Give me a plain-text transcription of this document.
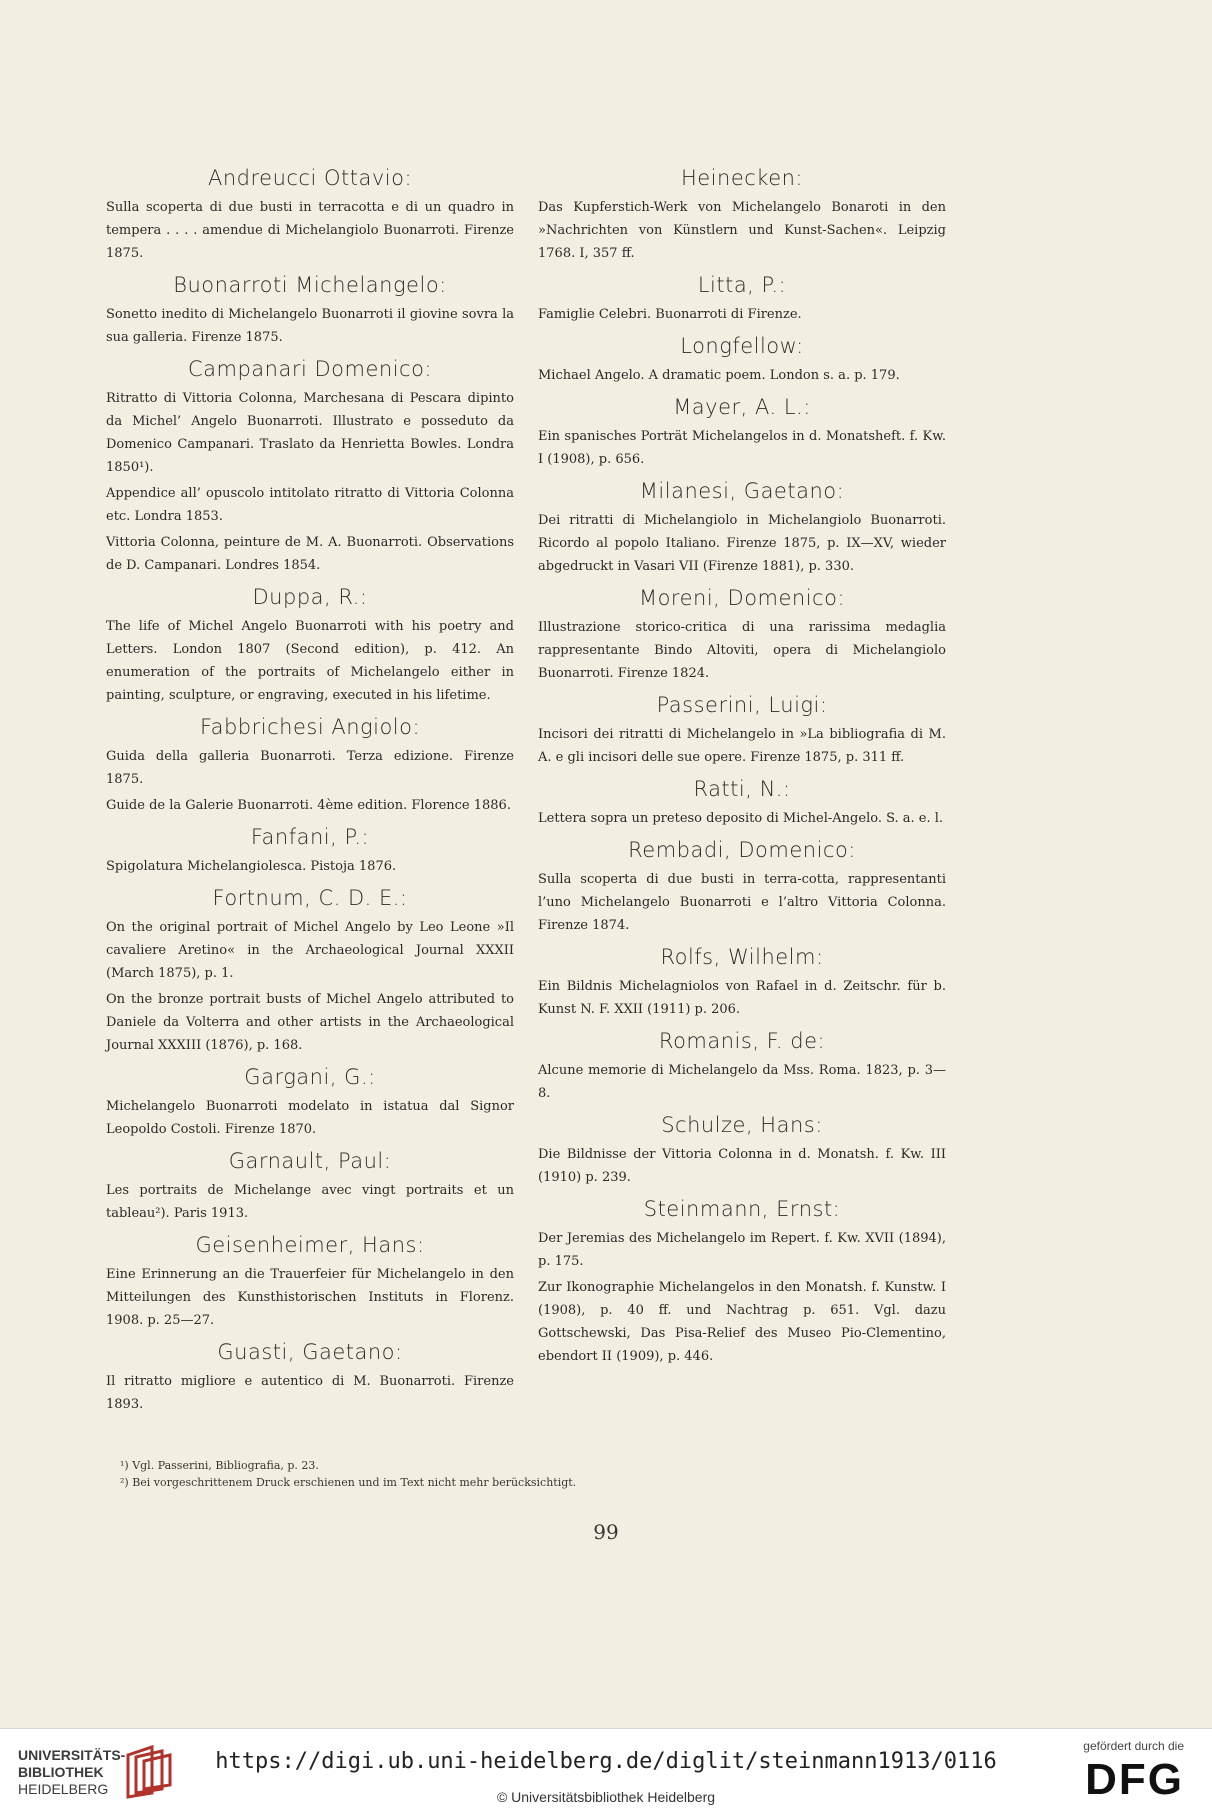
Andreucci Ottavio:
Sulla scoperta di due busti in terracotta e di un quadro in tempera . . . . amendue di Michelangiolo Buonarroti. Firenze 1875.
Buonarroti Michelangelo:
Sonetto inedito di Michelangelo Buonarroti il giovine sovra la sua galleria. Firenze 1875.
Campanari Domenico:
Ritratto di Vittoria Colonna, Marchesana di Pescara dipinto da Michel’ Angelo Buonarroti. Illustrato e posseduto da Domenico Campanari. Traslato da Henrietta Bowles. Londra 1850¹).
Appendice all’ opuscolo intitolato ritratto di Vittoria Colonna etc. Londra 1853.
Vittoria Colonna, peinture de M. A. Buonarroti. Observations de D. Campanari. Londres 1854.
Duppa, R.:
The life of Michel Angelo Buonarroti with his poetry and Letters. London 1807 (Second edition), p. 412. An enumeration of the portraits of Michelangelo either in painting, sculpture, or engraving, executed in his lifetime.
Fabbrichesi Angiolo:
Guida della galleria Buonarroti. Terza edizione. Firenze 1875.
Guide de la Galerie Buonarroti. 4ème edition. Florence 1886.
Fanfani, P.:
Spigolatura Michelangiolesca. Pistoja 1876.
Fortnum, C. D. E.:
On the original portrait of Michel Angelo by Leo Leone »Il cavaliere Aretino« in the Archaeological Journal XXXII (March 1875), p. 1.
On the bronze portrait busts of Michel Angelo attributed to Daniele da Volterra and other artists in the Archaeological Journal XXXIII (1876), p. 168.
Gargani, G.:
Michelangelo Buonarroti modelato in istatua dal Signor Leopoldo Costoli. Firenze 1870.
Garnault, Paul:
Les portraits de Michelange avec vingt portraits et un tableau²). Paris 1913.
Geisenheimer, Hans:
Eine Erinnerung an die Trauerfeier für Michelangelo in den Mitteilungen des Kunsthistorischen Instituts in Florenz. 1908. p. 25—27.
Guasti, Gaetano:
Il ritratto migliore e autentico di M. Buonarroti. Firenze 1893.
Heinecken:
Das Kupferstich-Werk von Michelangelo Bonaroti in den »Nachrichten von Künstlern und Kunst-Sachen«. Leipzig 1768. I, 357 ff.
Litta, P.:
Famiglie Celebri. Buonarroti di Firenze.
Longfellow:
Michael Angelo. A dramatic poem. London s. a. p. 179.
Mayer, A. L.:
Ein spanisches Porträt Michelangelos in d. Monatsheft. f. Kw. I (1908), p. 656.
Milanesi, Gaetano:
Dei ritratti di Michelangiolo in Michelangiolo Buonarroti. Ricordo al popolo Italiano. Firenze 1875, p. IX—XV, wieder abgedruckt in Vasari VII (Firenze 1881), p. 330.
Moreni, Domenico:
Illustrazione storico-critica di una rarissima medaglia rappresentante Bindo Altoviti, opera di Michelangiolo Buonarroti. Firenze 1824.
Passerini, Luigi:
Incisori dei ritratti di Michelangelo in »La bibliografia di M. A. e gli incisori delle sue opere. Firenze 1875, p. 311 ff.
Ratti, N.:
Lettera sopra un preteso deposito di Michel-Angelo. S. a. e. l.
Rembadi, Domenico:
Sulla scoperta di due busti in terra-cotta, rappresentanti l’uno Michelangelo Buonarroti e l’altro Vittoria Colonna. Firenze 1874.
Rolfs, Wilhelm:
Ein Bildnis Michelagniolos von Rafael in d. Zeitschr. für b. Kunst N. F. XXII (1911) p. 206.
Romanis, F. de:
Alcune memorie di Michelangelo da Mss. Roma. 1823, p. 3—8.
Schulze, Hans:
Die Bildnisse der Vittoria Colonna in d. Monatsh. f. Kw. III (1910) p. 239.
Steinmann, Ernst:
Der Jeremias des Michelangelo im Repert. f. Kw. XVII (1894), p. 175.
Zur Ikonographie Michelangelos in den Monatsh. f. Kunstw. I (1908), p. 40 ff. und Nachtrag p. 651. Vgl. dazu Gottschewski, Das Pisa-Relief des Museo Pio-Clementino, ebendort II (1909), p. 446.
¹) Vgl. Passerini, Bibliografia, p. 23.
²) Bei vorgeschrittenem Druck erschienen und im Text nicht mehr berücksichtigt.
99
UNIVERSITÄTS-
BIBLIOTHEK
HEIDELBERG
https://digi.ub.uni-heidelberg.de/diglit/steinmann1913/0116
© Universitätsbibliothek Heidelberg
gefördert durch die
DFG
